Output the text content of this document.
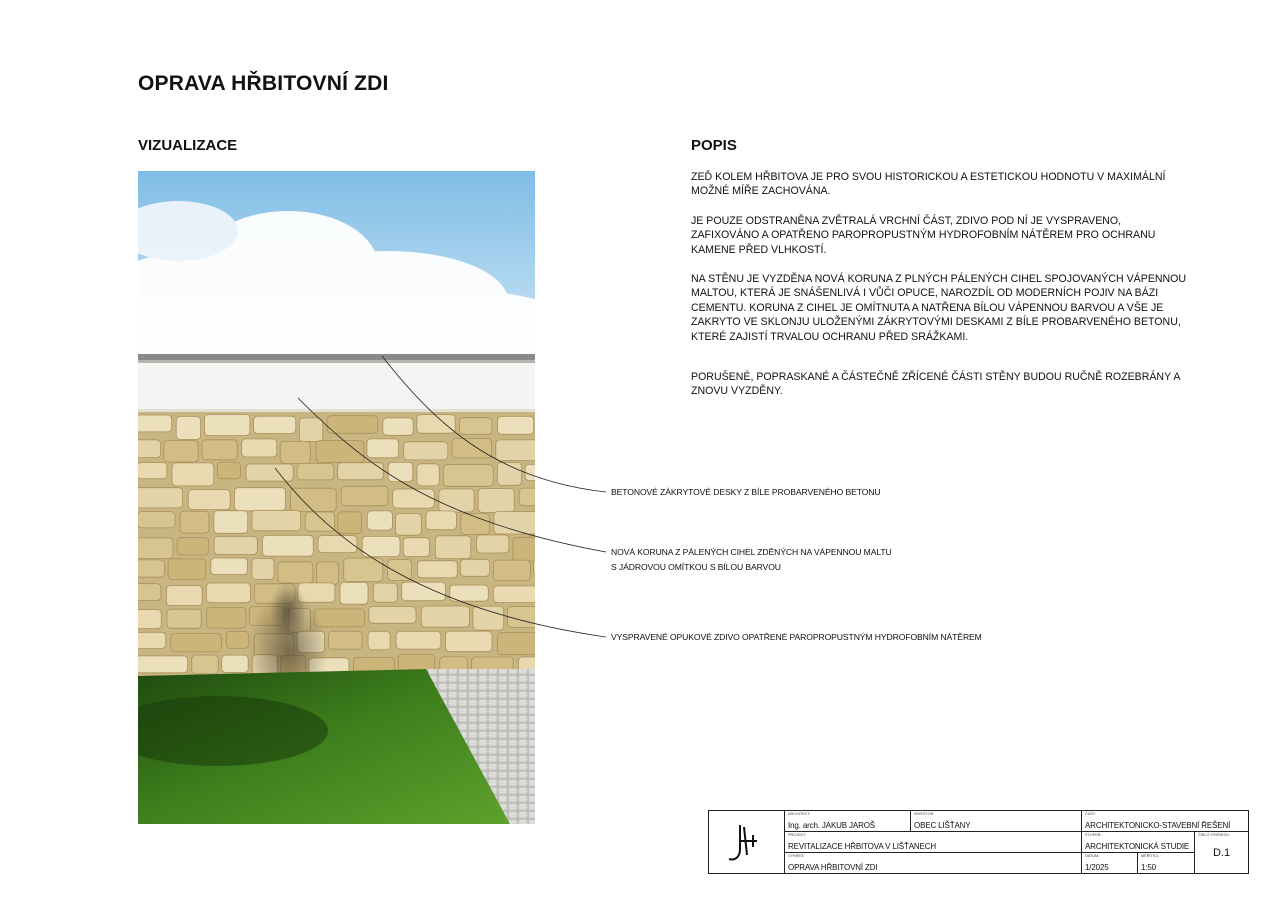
OPRAVA HŘBITOVNÍ ZDI
VIZUALIZACE	POPIS

ZEĎ KOLEM HŘBITOVA JE PRO SVOU HISTORICKOU A ESTETICKOU HODNOTU V MAXIMÁLNÍ MOŽNÉ MÍŘE ZACHOVÁNA.

JE POUZE ODSTRANĚNA ZVĚTRALÁ VRCHNÍ ČÁST, ZDIVO POD NÍ JE VYSPRAVENO, ZAFIXOVÁNO A OPATŘENO PAROPROPUSTNÝM HYDROFOBNÍM NÁTĚREM PRO OCHRANU KAMENE PŘED VLHKOSTÍ.

NA STĚNU JE VYZDĚNA NOVÁ KORUNA Z PLNÝCH PÁLENÝCH CIHEL SPOJOVANÝCH VÁPENNOU MALTOU, KTERÁ JE SNÁŠENLIVÁ I VŮČI OPUCE, NAROZDÍL OD MODERNÍCH POJIV NA BÁZI CEMENTU. KORUNA Z CIHEL JE OMÍTNUTA A NATŘENA BÍLOU VÁPENNOU BARVOU A VŠE JE ZAKRYTO VE SKLONJU ULOŽENÝMI ZÁKRYTOVÝMI DESKAMI Z BÍLE PROBARVENÉHO BETONU, KTERÉ ZAJISTÍ TRVALOU OCHRANU PŘED SRÁŽKAMI.

PORUŠENÉ, POPRASKANÉ A ČÁSTEČNĚ ZŘÍCENÉ ČÁSTI STĚNY BUDOU RUČNĚ ROZEBRÁNY A ZNOVU VYZDĚNY.

BETONOVÉ ZÁKRYTOVÉ DESKY Z BÍLE PROBARVENÉHO BETONU
NOVÁ KORUNA Z PÁLENÝCH CIHEL ZDĚNÝCH NA VÁPENNOU MALTU
S JÁDROVOU OMÍTKOU S BÍLOU BARVOU
VYSPRAVENÉ OPUKOVÉ ZDIVO OPATŘENÉ PAROPROPUSTNÝM HYDROFOBNÍM NÁTĚREM
ARCHITEKT:
Ing. arch. JAKUB JAROŠ
INVESTOR:
OBEC LIŠŤANY
ČÁST:
ARCHITEKTONICKO-STAVEBNÍ ŘEŠENÍ
PROJEKT:
REVITALIZACE HŘBITOVA V LIŠŤANECH
STUPEŇ:
ARCHITEKTONICKÁ STUDIE
ČÍSLO VÝKRESU:
D.1
VÝKRES:
OPRAVA HŘBITOVNÍ ZDI
DATUM:
1/2025
MĚŘÍTKO:
1:50
